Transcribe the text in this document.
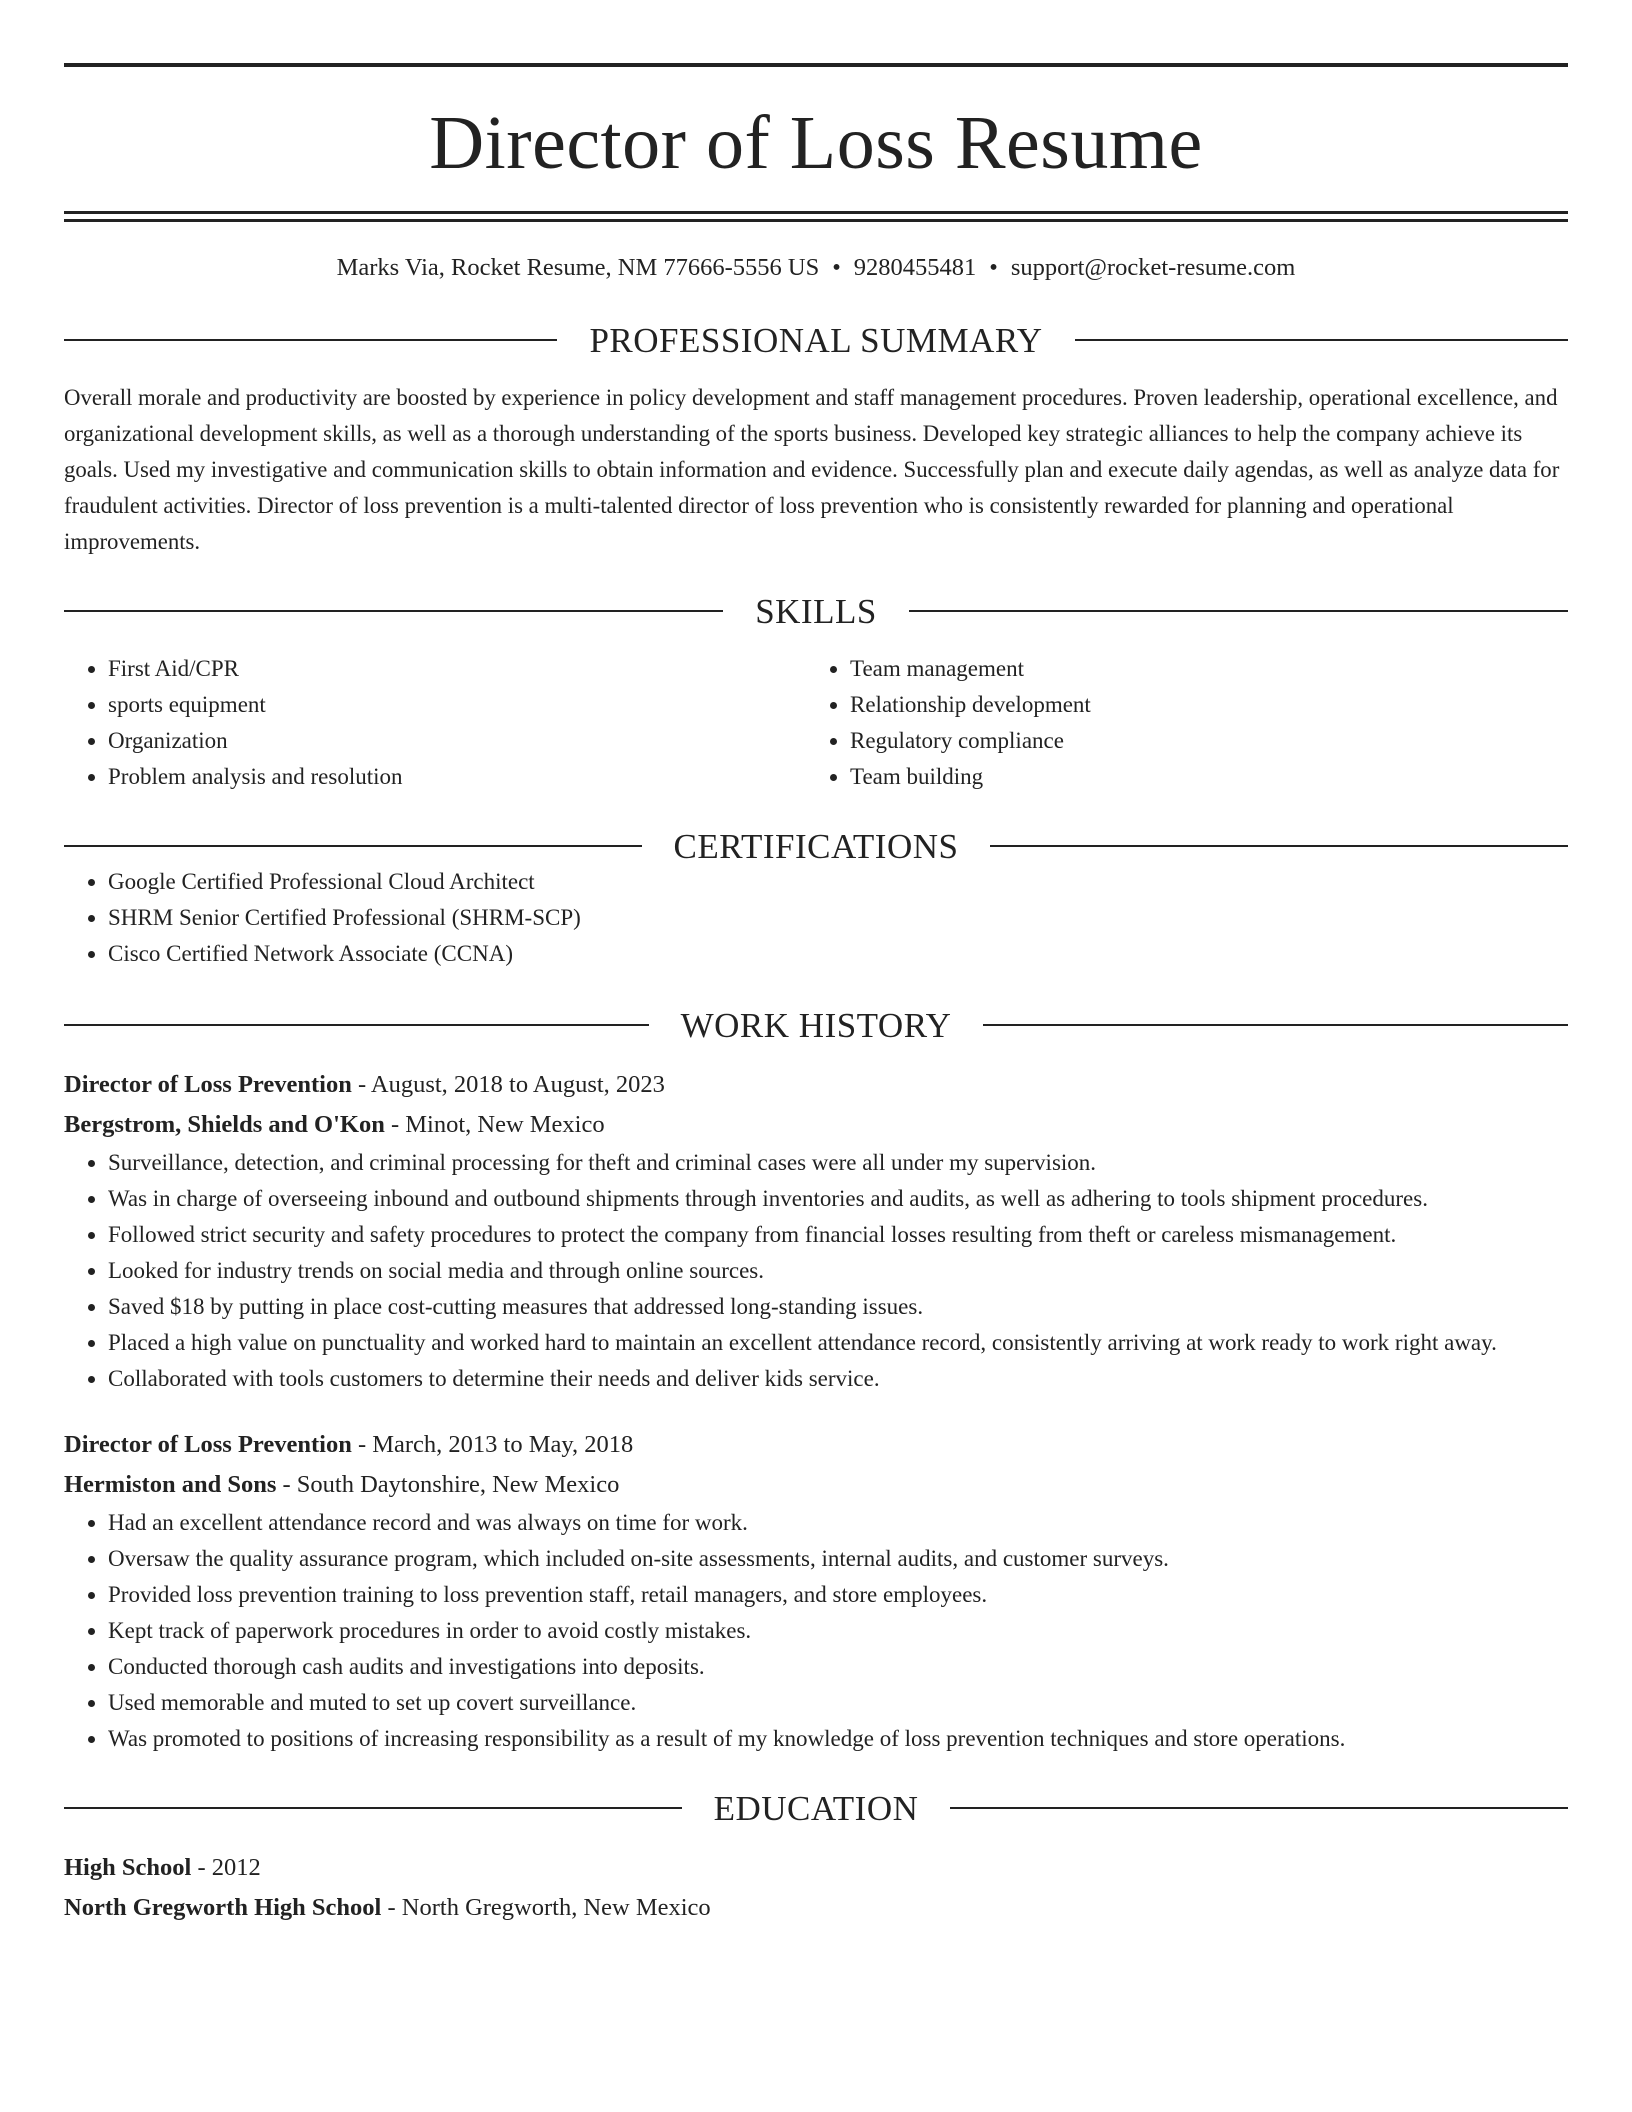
Director of Loss Resume
Marks Via, Rocket Resume, NM 77666-5556 US • 9280455481 • support@rocket-resume.com
PROFESSIONAL SUMMARY
Overall morale and productivity are boosted by experience in policy development and staff management procedures. Proven leadership, operational excellence, and organizational development skills, as well as a thorough understanding of the sports business. Developed key strategic alliances to help the company achieve its goals. Used my investigative and communication skills to obtain information and evidence. Successfully plan and execute daily agendas, as well as analyze data for fraudulent activities. Director of loss prevention is a multi-talented director of loss prevention who is consistently rewarded for planning and operational improvements.
SKILLS
• First Aid/CPR
• sports equipment
• Organization
• Problem analysis and resolution
• Team management
• Relationship development
• Regulatory compliance
• Team building
CERTIFICATIONS
• Google Certified Professional Cloud Architect
• SHRM Senior Certified Professional (SHRM-SCP)
• Cisco Certified Network Associate (CCNA)
WORK HISTORY
Director of Loss Prevention - August, 2018 to August, 2023
Bergstrom, Shields and O'Kon - Minot, New Mexico
• Surveillance, detection, and criminal processing for theft and criminal cases were all under my supervision.
• Was in charge of overseeing inbound and outbound shipments through inventories and audits, as well as adhering to tools shipment procedures.
• Followed strict security and safety procedures to protect the company from financial losses resulting from theft or careless mismanagement.
• Looked for industry trends on social media and through online sources.
• Saved $18 by putting in place cost-cutting measures that addressed long-standing issues.
• Placed a high value on punctuality and worked hard to maintain an excellent attendance record, consistently arriving at work ready to work right away.
• Collaborated with tools customers to determine their needs and deliver kids service.
Director of Loss Prevention - March, 2013 to May, 2018
Hermiston and Sons - South Daytonshire, New Mexico
• Had an excellent attendance record and was always on time for work.
• Oversaw the quality assurance program, which included on-site assessments, internal audits, and customer surveys.
• Provided loss prevention training to loss prevention staff, retail managers, and store employees.
• Kept track of paperwork procedures in order to avoid costly mistakes.
• Conducted thorough cash audits and investigations into deposits.
• Used memorable and muted to set up covert surveillance.
• Was promoted to positions of increasing responsibility as a result of my knowledge of loss prevention techniques and store operations.
EDUCATION
High School - 2012
North Gregworth High School - North Gregworth, New Mexico
